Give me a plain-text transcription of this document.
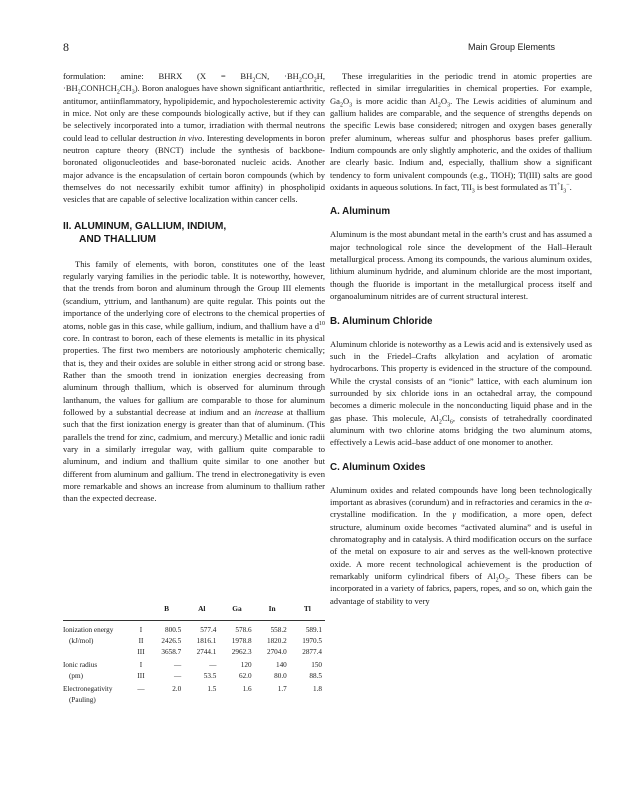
8	Main Group Elements

formulation: amine: BHRX ($X = BH_2CN$, $\cdot BH_2CO_2H$, $\cdot BH_2CONHCH_2CH_3$). Boron analogues have shown significant antiarthritic, antitumor, antiinflammatory, hypolipidemic, and hypocholesteremic activity in mice. Not only are these compounds biologically active, but if they can be selectively incorporated into a tumor, irradiation with thermal neutrons could lead to cellular destruction in vivo. Interesting developments in boron neutron capture theory (BNCT) include the synthesis of backbone-boronated oligonucleotides and base-boronated nucleic acids. Another major advance is the encapsulation of certain boron compounds (which by themselves do not necessarily exhibit tumor affinity) in phospholipid vesicles that are capable of selective localization within cancer cells.

II. ALUMINUM, GALLIUM, INDIUM,
AND THALLIUM

This family of elements, with boron, constitutes one of the least regularly varying families in the periodic table. It is noteworthy, however, that the trends from boron and aluminum through the Group III elements (scandium, yttrium, and lanthanum) are quite regular. This points out the importance of the underlying core of electrons to the chemical properties of atoms, noble gas in this case, while gallium, indium, and thallium have a $d^{10}$ core. In contrast to boron, each of these elements is metallic in its physical properties. The first two members are notoriously amphoteric chemically; that is, they and their oxides are soluble in either strong acid or strong base. Rather than the smooth trend in ionization energies decreasing from aluminum through thallium, which is observed for aluminum through lanthanum, the values for gallium are comparable to those for aluminum followed by a substantial decrease at indium and an increase at thallium such that the first ionization energy is greater than that of aluminum. (This parallels the trend for zinc, cadmium, and mercury.) Metallic and ionic radii vary in a similarly irregular way, with gallium quite comparable to aluminum, and indium and thallium quite similar to one another but different from aluminum and gallium. The trend in electronegativity is even more remarkable and shows an increase from aluminum to thallium rather than the expected decrease.

		B	Al	Ga	In	Tl
Ionization energy	I	800.5	577.4	578.6	558.2	589.1
(kJ/mol)	II	2426.5	1816.1	1978.8	1820.2	1970.5
	III	3658.7	2744.1	2962.3	2704.0	2877.4
Ionic radius	I	—	—	120	140	150
(pm)	III	—	53.5	62.0	80.0	88.5
Electronegativity	—	2.0	1.5	1.6	1.7	1.8
(Pauling)						

These irregularities in the periodic trend in atomic properties are reflected in similar irregularities in chemical properties. For example, $Ga_2O_3$ is more acidic than $Al_2O_3$. The Lewis acidities of aluminum and gallium halides are comparable, and the sequence of strengths depends on the specific Lewis base considered; nitrogen and oxygen bases generally prefer aluminum, whereas sulfur and phosphorus bases prefer gallium. Indium compounds are only slightly amphoteric, and the oxides of thallium are clearly basic. Indium and, especially, thallium show a significant tendency to form univalent compounds (e.g., TlOH); Tl(III) salts are good oxidants in aqueous solutions. In fact, TlI$_3$ is best formulated as $Tl^+I_3^-$.

A. Aluminum

Aluminum is the most abundant metal in the earth’s crust and has assumed a major technological role since the development of the Hall–Herault metallurgical process. Among its compounds, the various aluminum oxides, lithium aluminum hydride, and aluminum chloride are the most important, though the fluoride is important in the metallurgical process itself and organoaluminum nitrides are of current structural interest.

B. Aluminum Chloride

Aluminum chloride is noteworthy as a Lewis acid and is extensively used as such in the Friedel–Crafts alkylation and acylation of aromatic hydrocarbons. This property is evidenced in the structure of the compound. While the crystal consists of an “ionic” lattice, with each aluminum ion surrounded by six chloride ions in an octahedral array, the compound becomes a dimeric molecule in the nonconducting liquid phase and in the gas phase. This molecule, $Al_2Cl_6$, consists of tetrahedrally coordinated aluminum with two chlorine atoms bridging the two aluminum atoms, effectively a Lewis acid–base adduct of one monomer to another.

C. Aluminum Oxides

Aluminum oxides and related compounds have long been technologically important as abrasives (corundum) and in refractories and ceramics in the α-crystalline modification. In the γ modification, a more open, defect structure, aluminum oxide becomes “activated alumina” and is useful in chromatography and in catalysis. A third modification occurs on the surface of the metal on exposure to air and serves as the well-known protective oxide. A more recent technological achievement is the production of remarkably uniform cylindrical fibers of $Al_2O_3$. These fibers can be incorporated in a variety of fabrics, papers, ropes, and so on, which gain the advantage of stability to very
